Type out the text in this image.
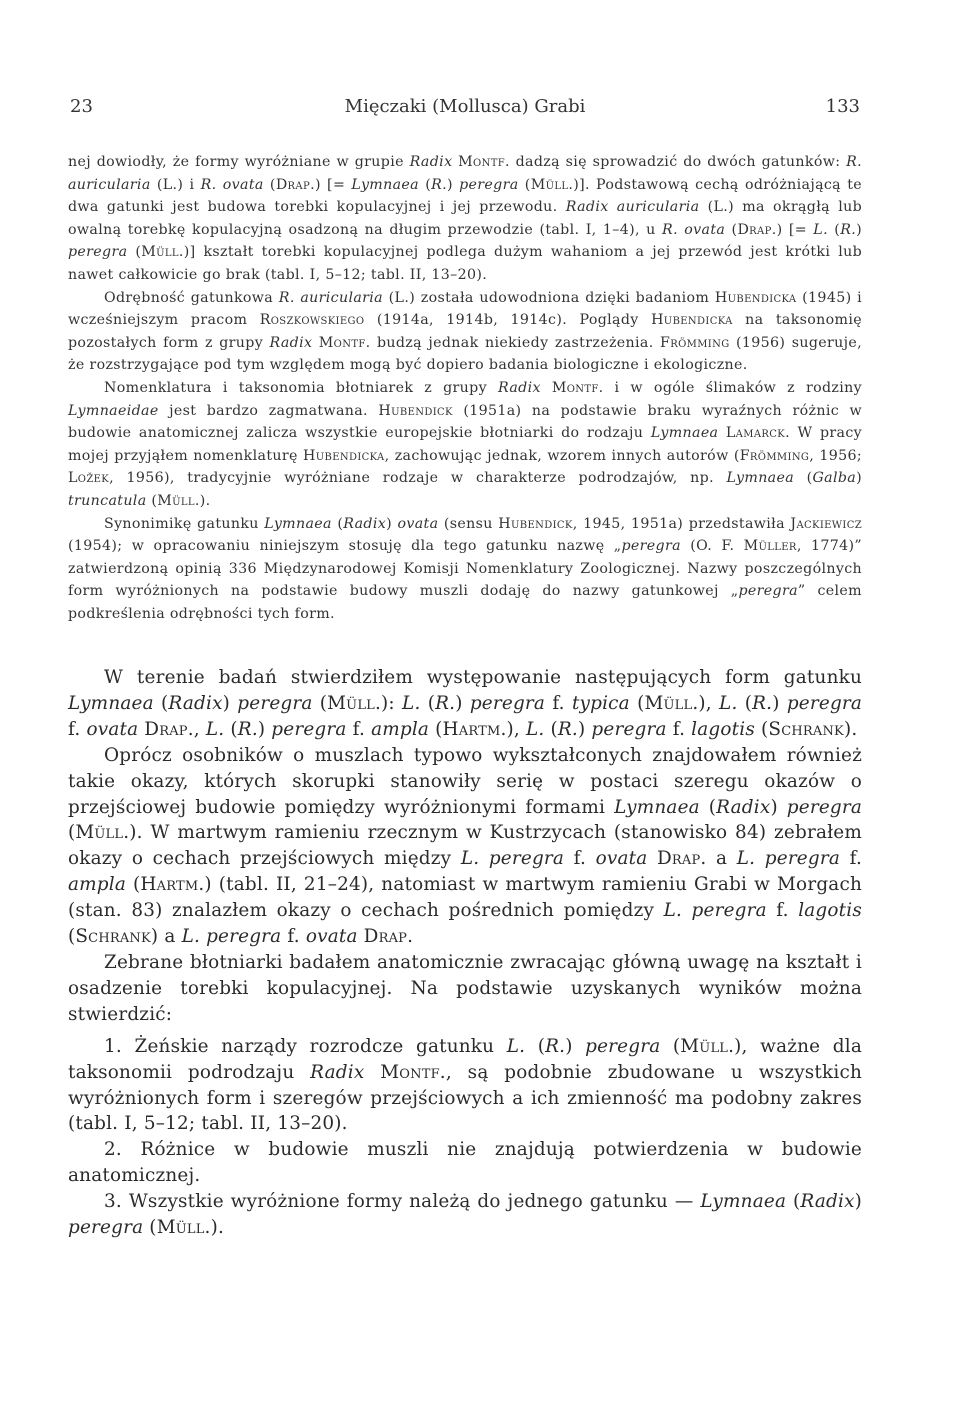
23	Mięczaki (Mollusca) Grabi	133

nej dowiodły, że formy wyróżniane w grupie Radix Montf. dadzą się sprowadzić do dwóch gatunków: R. auricularia (L.) i R. ovata (Drap.) [= Lymnaea (R.) peregra (Müll.)]. Podstawową cechą odróżniającą te dwa gatunki jest budowa torebki kopulacyjnej i jej przewodu. Radix auricularia (L.) ma okrągłą lub owalną torebkę kopulacyjną osadzoną na długim przewodzie (tabl. I, 1–4), u R. ovata (Drap.) [= L. (R.) peregra (Müll.)] kształt torebki kopulacyjnej podlega dużym wahaniom a jej przewód jest krótki lub nawet całkowicie go brak (tabl. I, 5–12; tabl. II, 13–20).

Odrębność gatunkowa R. auricularia (L.) została udowodniona dzięki badaniom Hubendicka (1945) i wcześniejszym pracom Roszkowskiego (1914a, 1914b, 1914c). Poglądy Hubendicka na taksonomię pozostałych form z grupy Radix Montf. budzą jednak niekiedy zastrzeżenia. Frömming (1956) sugeruje, że rozstrzygające pod tym względem mogą być dopiero badania biologiczne i ekologiczne.

Nomenklatura i taksonomia błotniarek z grupy Radix Montf. i w ogóle ślimaków z rodziny Lymnaeidae jest bardzo zagmatwana. Hubendick (1951a) na podstawie braku wyraźnych różnic w budowie anatomicznej zalicza wszystkie europejskie błotniarki do rodzaju Lymnaea Lamarck. W pracy mojej przyjąłem nomenklaturę Hubendicka, zachowując jednak, wzorem innych autorów (Frömming, 1956; Ložek, 1956), tradycyjnie wyróżniane rodzaje w charakterze podrodzajów, np. Lymnaea (Galba) truncatula (Müll.).

Synonimikę gatunku Lymnaea (Radix) ovata (sensu Hubendick, 1945, 1951a) przedstawiła Jackiewicz (1954); w opracowaniu niniejszym stosuję dla tego gatunku nazwę „peregra (O. F. Müller, 1774)” zatwierdzoną opinią 336 Międzynarodowej Komisji Nomenklatury Zoologicznej. Nazwy poszczególnych form wyróżnionych na podstawie budowy muszli dodaję do nazwy gatunkowej „peregra” celem podkreślenia odrębności tych form.

W terenie badań stwierdziłem występowanie następujących form gatunku Lymnaea (Radix) peregra (Müll.): L. (R.) peregra f. typica (Müll.), L. (R.) peregra f. ovata Drap., L. (R.) peregra f. ampla (Hartm.), L. (R.) peregra f. lagotis (Schrank).

Oprócz osobników o muszlach typowo wykształconych znajdowałem również takie okazy, których skorupki stanowiły serię w postaci szeregu okazów o przejściowej budowie pomiędzy wyróżnionymi formami Lymnaea (Radix) peregra (Müll.). W martwym ramieniu rzecznym w Kustrzycach (stanowisko 84) zebrałem okazy o cechach przejściowych między L. peregra f. ovata Drap. a L. peregra f. ampla (Hartm.) (tabl. II, 21–24), natomiast w martwym ramieniu Grabi w Morgach (stan. 83) znalazłem okazy o cechach pośrednich pomiędzy L. peregra f. lagotis (Schrank) a L. peregra f. ovata Drap.

Zebrane błotniarki badałem anatomicznie zwracając główną uwagę na kształt i osadzenie torebki kopulacyjnej. Na podstawie uzyskanych wyników można stwierdzić:

1. Żeńskie narządy rozrodcze gatunku L. (R.) peregra (Müll.), ważne dla taksonomii podrodzaju Radix Montf., są podobnie zbudowane u wszystkich wyróżnionych form i szeregów przejściowych a ich zmienność ma podobny zakres (tabl. I, 5–12; tabl. II, 13–20).

2. Różnice w budowie muszli nie znajdują potwierdzenia w budowie anatomicznej.

3. Wszystkie wyróżnione formy należą do jednego gatunku — Lymnaea (Radix) peregra (Müll.).
